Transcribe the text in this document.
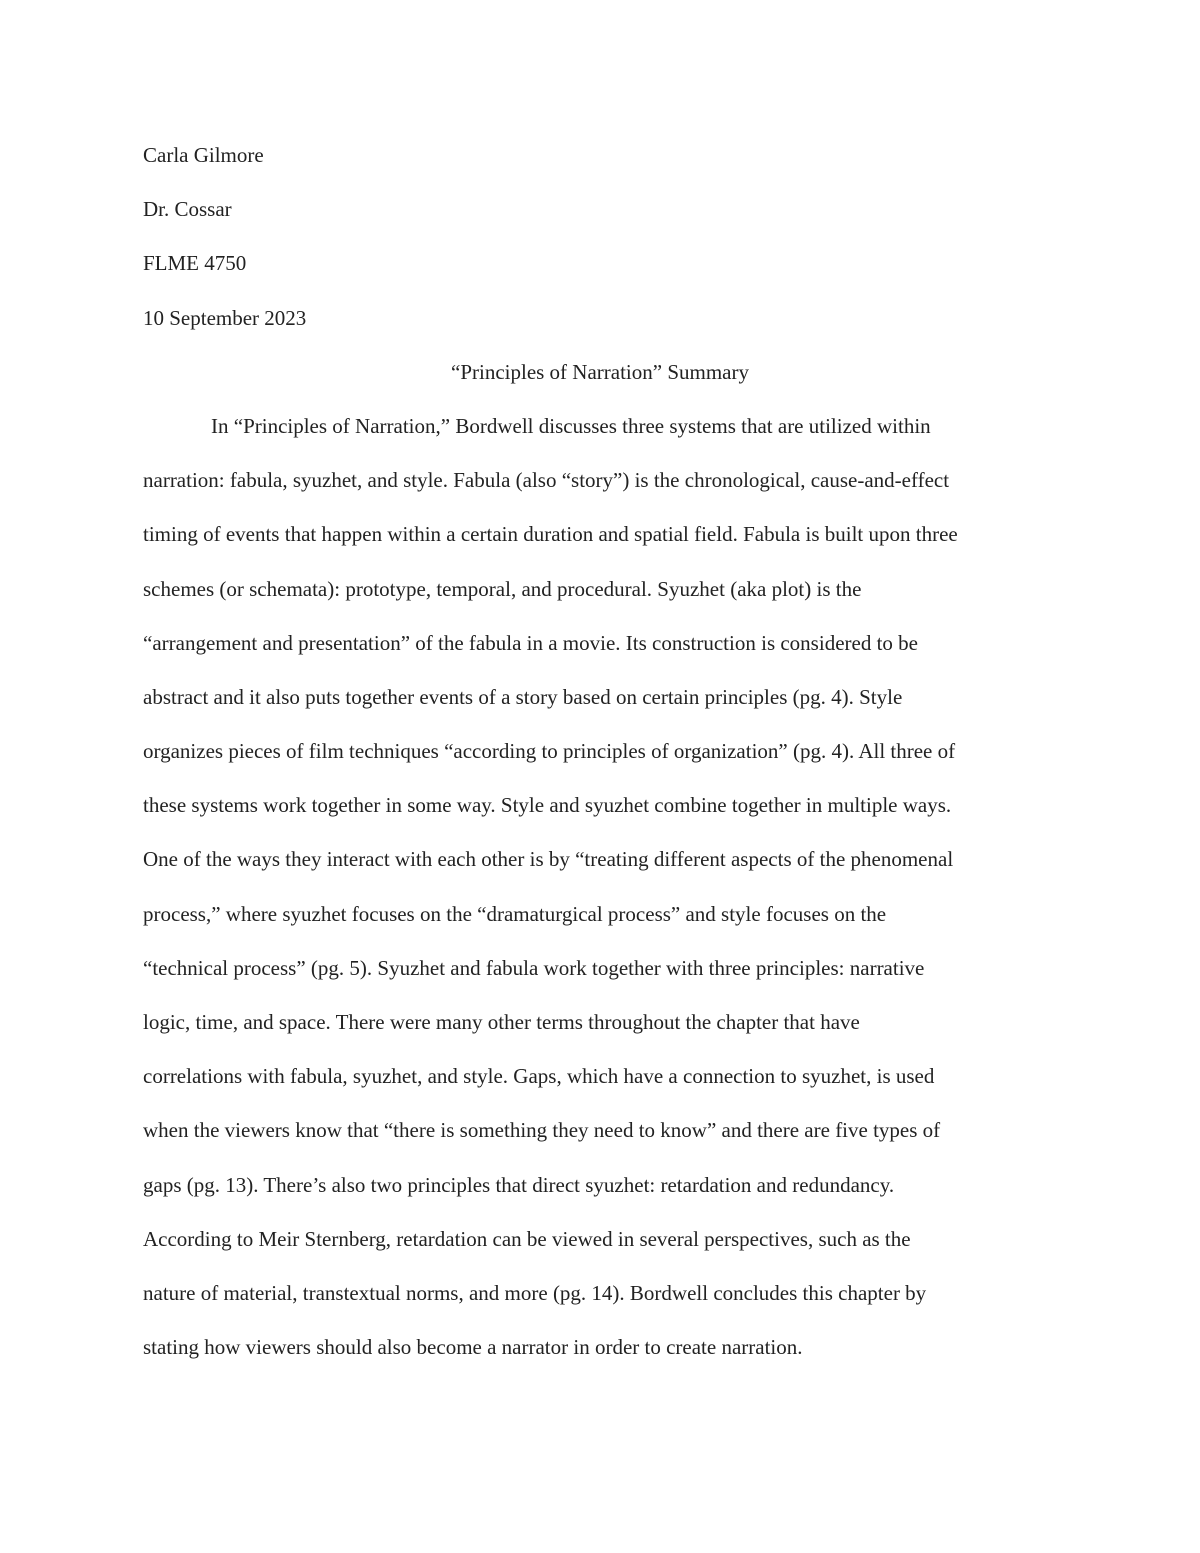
Carla Gilmore
Dr. Cossar
FLME 4750
10 September 2023
“Principles of Narration” Summary
In “Principles of Narration,” Bordwell discusses three systems that are utilized within
narration: fabula, syuzhet, and style. Fabula (also “story”) is the chronological, cause-and-effect
timing of events that happen within a certain duration and spatial field. Fabula is built upon three
schemes (or schemata): prototype, temporal, and procedural. Syuzhet (aka plot) is the
“arrangement and presentation” of the fabula in a movie. Its construction is considered to be
abstract and it also puts together events of a story based on certain principles (pg. 4). Style
organizes pieces of film techniques “according to principles of organization” (pg. 4). All three of
these systems work together in some way. Style and syuzhet combine together in multiple ways.
One of the ways they interact with each other is by “treating different aspects of the phenomenal
process,” where syuzhet focuses on the “dramaturgical process” and style focuses on the
“technical process” (pg. 5). Syuzhet and fabula work together with three principles: narrative
logic, time, and space. There were many other terms throughout the chapter that have
correlations with fabula, syuzhet, and style. Gaps, which have a connection to syuzhet, is used
when the viewers know that “there is something they need to know” and there are five types of
gaps (pg. 13). There’s also two principles that direct syuzhet: retardation and redundancy.
According to Meir Sternberg, retardation can be viewed in several perspectives, such as the
nature of material, transtextual norms, and more (pg. 14). Bordwell concludes this chapter by
stating how viewers should also become a narrator in order to create narration.
